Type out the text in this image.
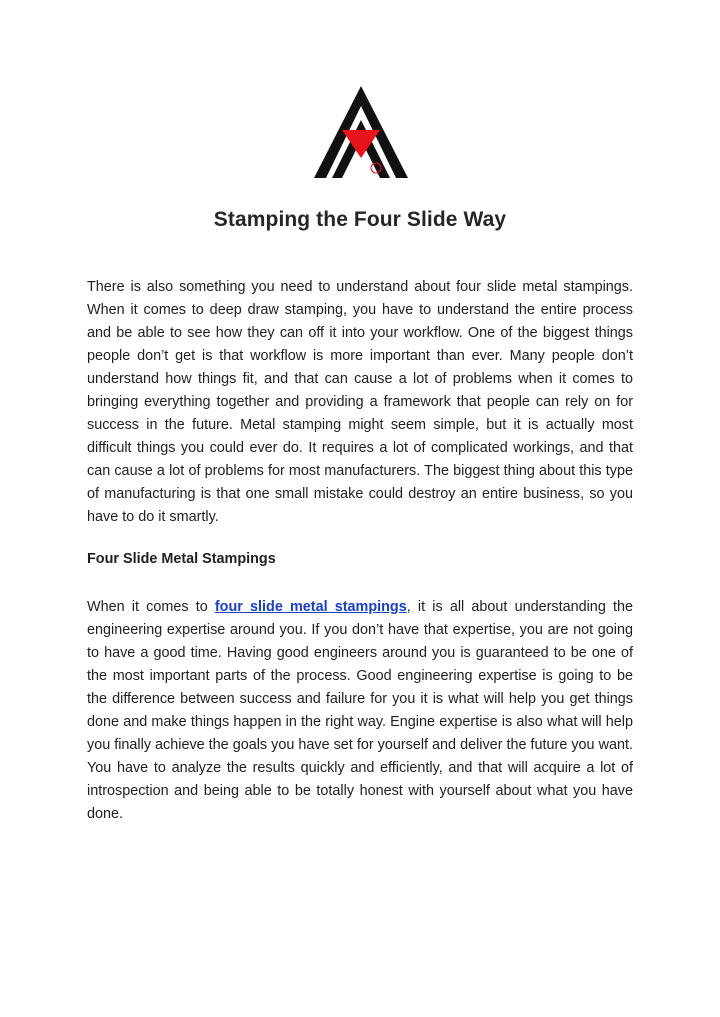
Stamping the Four Slide Way

There is also something you need to understand about four slide metal stampings. When it comes to deep draw stamping, you have to understand the entire process and be able to see how they can off it into your workflow. One of the biggest things people don’t get is that workflow is more important than ever. Many people don’t understand how things fit, and that can cause a lot of problems when it comes to bringing everything together and providing a framework that people can rely on for success in the future. Metal stamping might seem simple, but it is actually most difficult things you could ever do. It requires a lot of complicated workings, and that can cause a lot of problems for most manufacturers. The biggest thing about this type of manufacturing is that one small mistake could destroy an entire business, so you have to do it smartly.

Four Slide Metal Stampings

When it comes to four slide metal stampings, it is all about understanding the engineering expertise around you. If you don’t have that expertise, you are not going to have a good time. Having good engineers around you is guaranteed to be one of the most important parts of the process. Good engineering expertise is going to be the difference between success and failure for you it is what will help you get things done and make things happen in the right way. Engine expertise is also what will help you finally achieve the goals you have set for yourself and deliver the future you want. You have to analyze the results quickly and efficiently, and that will acquire a lot of introspection and being able to be totally honest with yourself about what you have done.
